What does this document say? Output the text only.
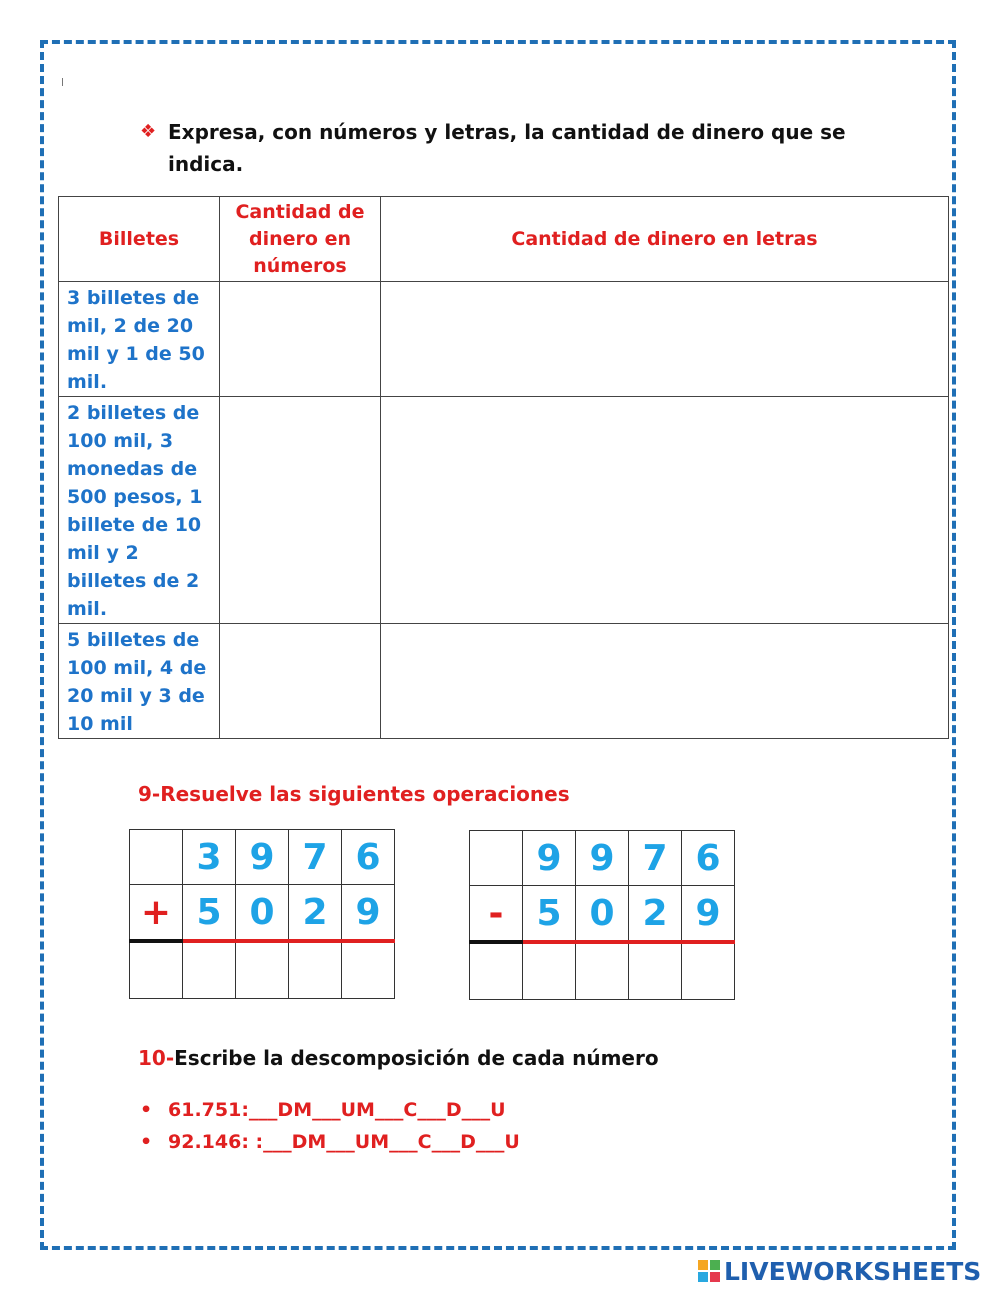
❖ Expresa, con números y letras, la cantidad de dinero que se indica.
Billetes	Cantidad de dinero en números	Cantidad de dinero en letras
3 billetes de mil, 2 de 20 mil y 1 de 50 mil.		
2 billetes de 100 mil, 3 monedas de 500 pesos, 1 billete de 10 mil y 2 billetes de 2 mil.		
5 billetes de 100 mil, 4 de 20 mil y 3 de 10 mil		
9-Resuelve las siguientes operaciones
	3	9	7	6
+	5	0	2	9

	9	9	7	6
-	5	0	2	9

10-Escribe la descomposición de cada número
• 61.751:___DM___UM___C___D___U
• 92.146: :___DM___UM___C___D___U
LIVEWORKSHEETS
